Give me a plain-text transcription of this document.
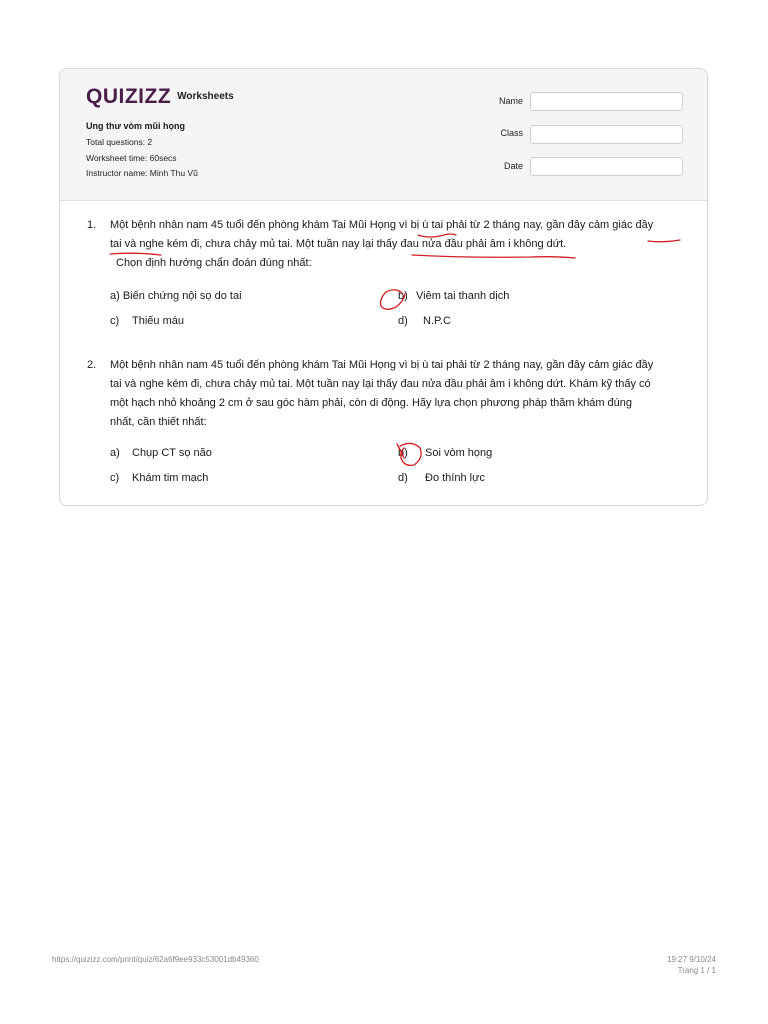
QUIZIZZ Worksheets
Ung thư vòm mũi họng
Total questions: 2
Worksheet time: 60secs
Instructor name: Minh Thu Vũ
Name
Class
Date
1. Một bệnh nhân nam 45 tuổi đến phòng khám Tai Mũi Họng vì bị ù tai phải từ 2 tháng nay, gần đây cảm giác đầy
tai và nghe kém đi, chưa chảy mủ tai. Một tuần nay lại thấy đau nửa đầu phải âm i không dứt.
Chọn định hướng chẩn đoán đúng nhất:
a) Biến chứng nội sọ do tai	b) Viêm tai thanh dịch
c) Thiếu máu	d) N.P.C
2. Một bệnh nhân nam 45 tuổi đến phòng khám Tai Mũi Họng vì bị ù tai phải từ 2 tháng nay, gần đây cảm giác đầy
tai và nghe kém đi, chưa chảy mủ tai. Một tuần nay lại thấy đau nửa đầu phải âm i không dứt. Khám kỹ thấy có
một hạch nhỏ khoảng 2 cm ở sau góc hàm phải, còn di động. Hãy lựa chọn phương pháp thăm khám đúng
nhất, cần thiết nhất:
a) Chụp CT sọ não	b) Soi vòm họng
c) Khám tim mạch	d) Đo thính lực
https://quizizz.com/print/quiz/62a6f9ee933c53001db49360	19:27 9/10/24
Trang 1 / 1
